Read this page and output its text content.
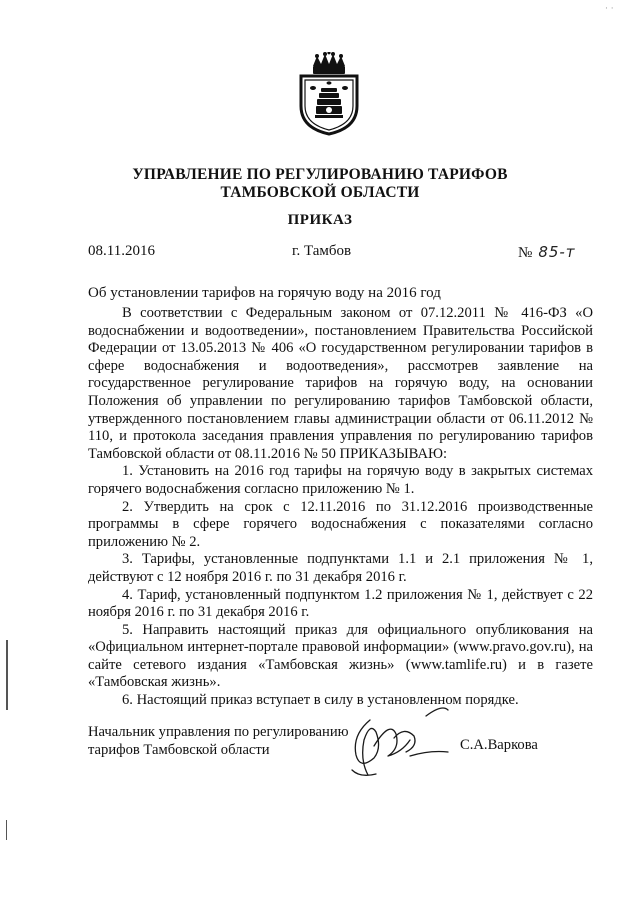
· ·
УПРАВЛЕНИЕ ПО РЕГУЛИРОВАНИЮ ТАРИФОВ
ТАМБОВСКОЙ ОБЛАСТИ
ПРИКАЗ
08.11.2016	г. Тамбов	№ 85-т
Об установлении тарифов на горячую воду на 2016 год

В соответствии с Федеральным законом от 07.12.2011 № 416-ФЗ «О водоснабжении и водоотведении», постановлением Правительства Российской Федерации от 13.05.2013 № 406 «О государственном регулировании тарифов в сфере водоснабжения и водоотведения», рассмотрев заявление на государственное регулирование тарифов на горячую воду, на основании Положения об управлении по регулированию тарифов Тамбовской области, утвержденного постановлением главы администрации области от 06.11.2012 № 110, и протокола заседания правления управления по регулированию тарифов Тамбовской области от 08.11.2016 № 50 ПРИКАЗЫВАЮ:

1. Установить на 2016 год тарифы на горячую воду в закрытых системах горячего водоснабжения согласно приложению № 1.

2. Утвердить на срок с 12.11.2016 по 31.12.2016 производственные программы в сфере горячего водоснабжения с показателями согласно приложению № 2.

3. Тарифы, установленные подпунктами 1.1 и 2.1 приложения № 1, действуют с 12 ноября 2016 г. по 31 декабря 2016 г.

4. Тариф, установленный подпунктом 1.2 приложения № 1, действует с 22 ноября 2016 г. по 31 декабря 2016 г.

5. Направить настоящий приказ для официального опубликования на «Официальном интернет-портале правовой информации» (www.pravo.gov.ru), на сайте сетевого издания «Тамбовская жизнь» (www.tamlife.ru) и в газете «Тамбовская жизнь».

6. Настоящий приказ вступает в силу в установленном порядке.

Начальник управления по регулированию
тарифов Тамбовской области	С.А.Варкова
